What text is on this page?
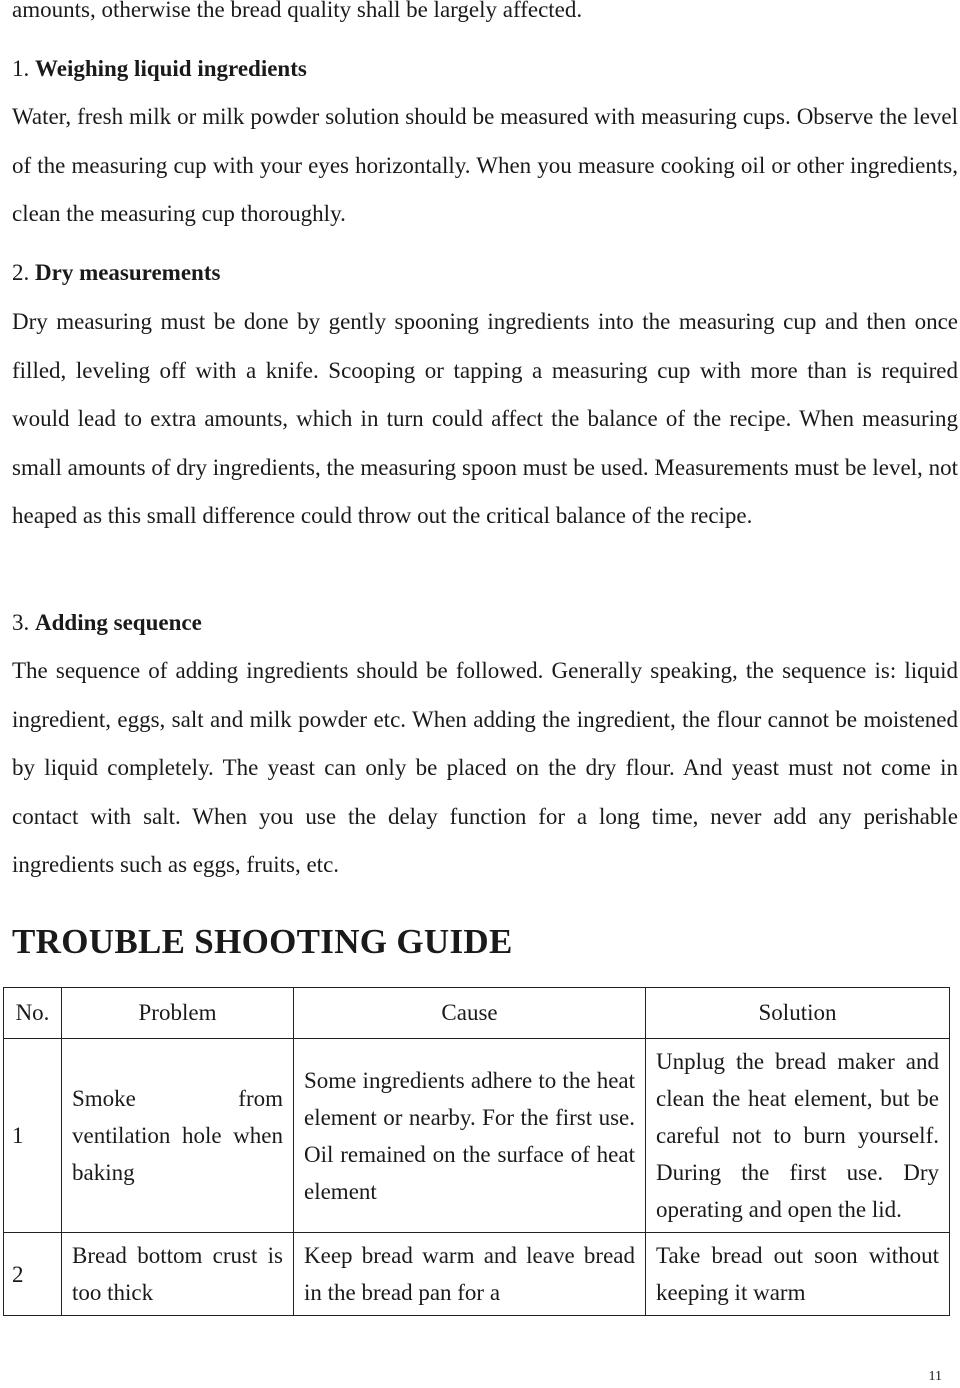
amounts, otherwise the bread quality shall be largely affected.
1. Weighing liquid ingredients
Water, fresh milk or milk powder solution should be measured with measuring cups. Observe the level of the measuring cup with your eyes horizontally. When you measure cooking oil or other ingredients, clean the measuring cup thoroughly.
2. Dry measurements
Dry measuring must be done by gently spooning ingredients into the measuring cup and then once filled, leveling off with a knife. Scooping or tapping a measuring cup with more than is required would lead to extra amounts, which in turn could affect the balance of the recipe. When measuring small amounts of dry ingredients, the measuring spoon must be used. Measurements must be level, not heaped as this small difference could throw out the critical balance of the recipe.
3. Adding sequence
The sequence of adding ingredients should be followed. Generally speaking, the sequence is: liquid ingredient, eggs, salt and milk powder etc. When adding the ingredient, the flour cannot be moistened by liquid completely. The yeast can only be placed on the dry flour. And yeast must not come in contact with salt. When you use the delay function for a long time, never add any perishable ingredients such as eggs, fruits, etc.
TROUBLE SHOOTING GUIDE
No.	Problem	Cause	Solution
1	Smoke from ventilation hole when baking	Some ingredients adhere to the heat element or nearby. For the first use. Oil remained on the surface of heat element	Unplug the bread maker and clean the heat element, but be careful not to burn yourself. During the first use. Dry operating and open the lid.
2	Bread bottom crust is too thick	Keep bread warm and leave bread in the bread pan for a	Take bread out soon without keeping it warm
11
